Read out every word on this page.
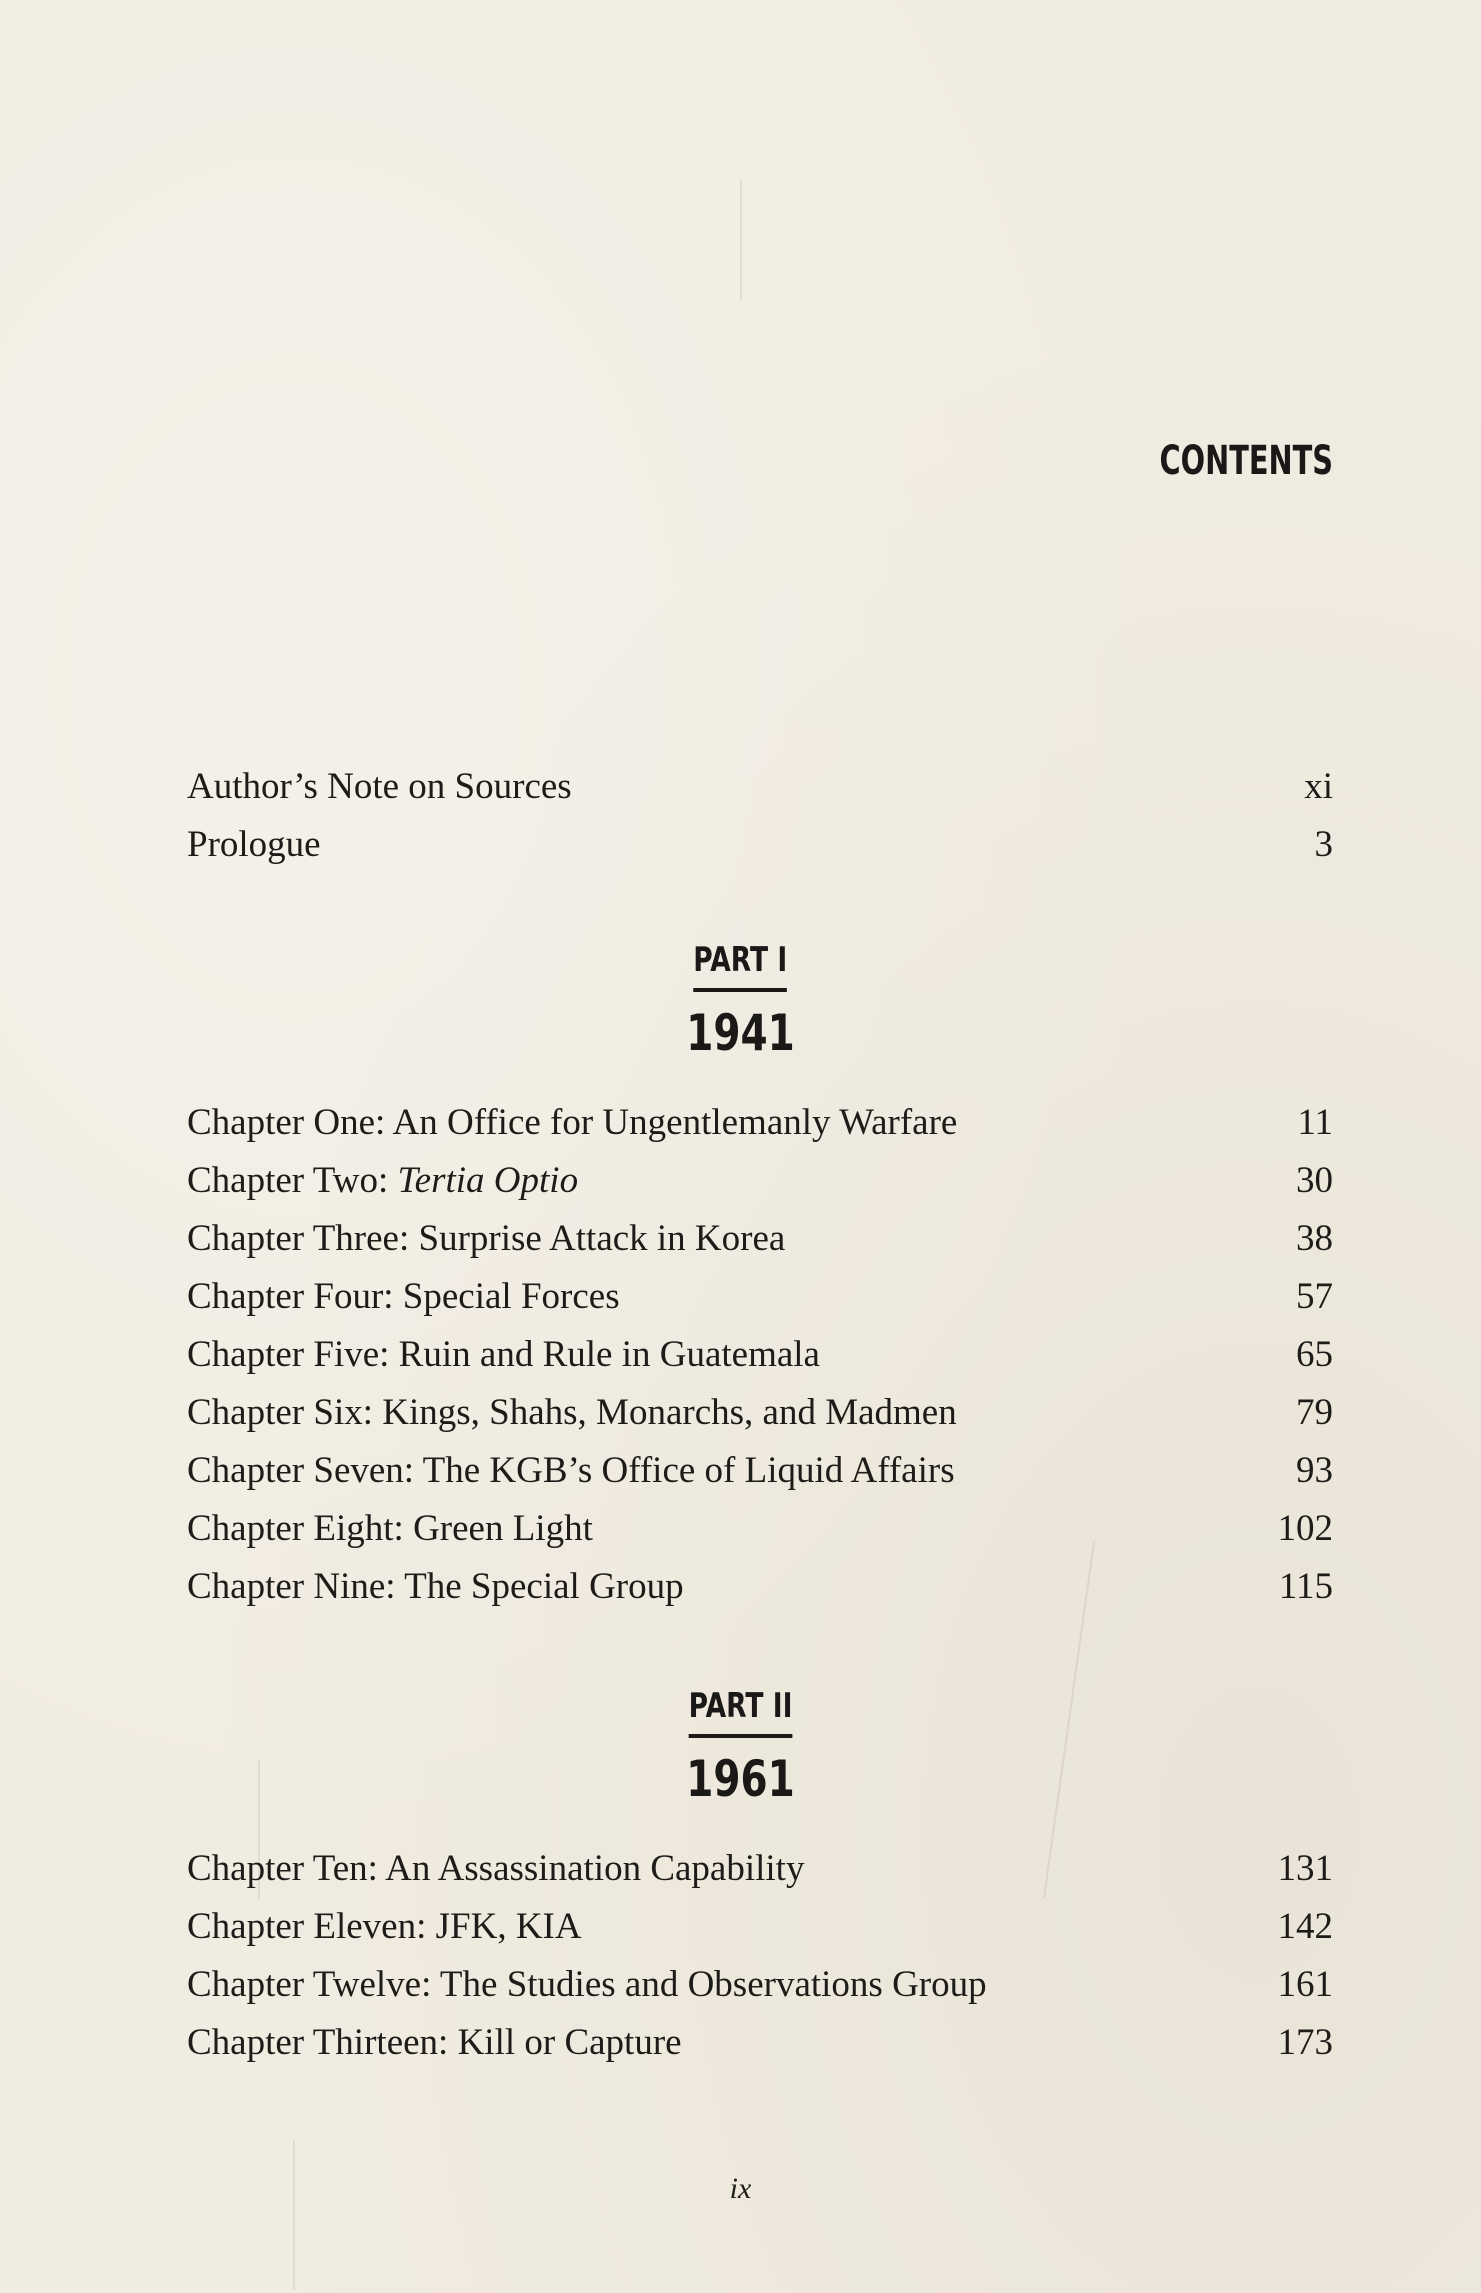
CONTENTS
Author’s Note on Sources	xi
Prologue	3
PART I
1941
Chapter One: An Office for Ungentlemanly Warfare	11
Chapter Two: Tertia Optio	30
Chapter Three: Surprise Attack in Korea	38
Chapter Four: Special Forces	57
Chapter Five: Ruin and Rule in Guatemala	65
Chapter Six: Kings, Shahs, Monarchs, and Madmen	79
Chapter Seven: The KGB’s Office of Liquid Affairs	93
Chapter Eight: Green Light	102
Chapter Nine: The Special Group	115
PART II
1961
Chapter Ten: An Assassination Capability	131
Chapter Eleven: JFK, KIA	142
Chapter Twelve: The Studies and Observations Group	161
Chapter Thirteen: Kill or Capture	173
ix
